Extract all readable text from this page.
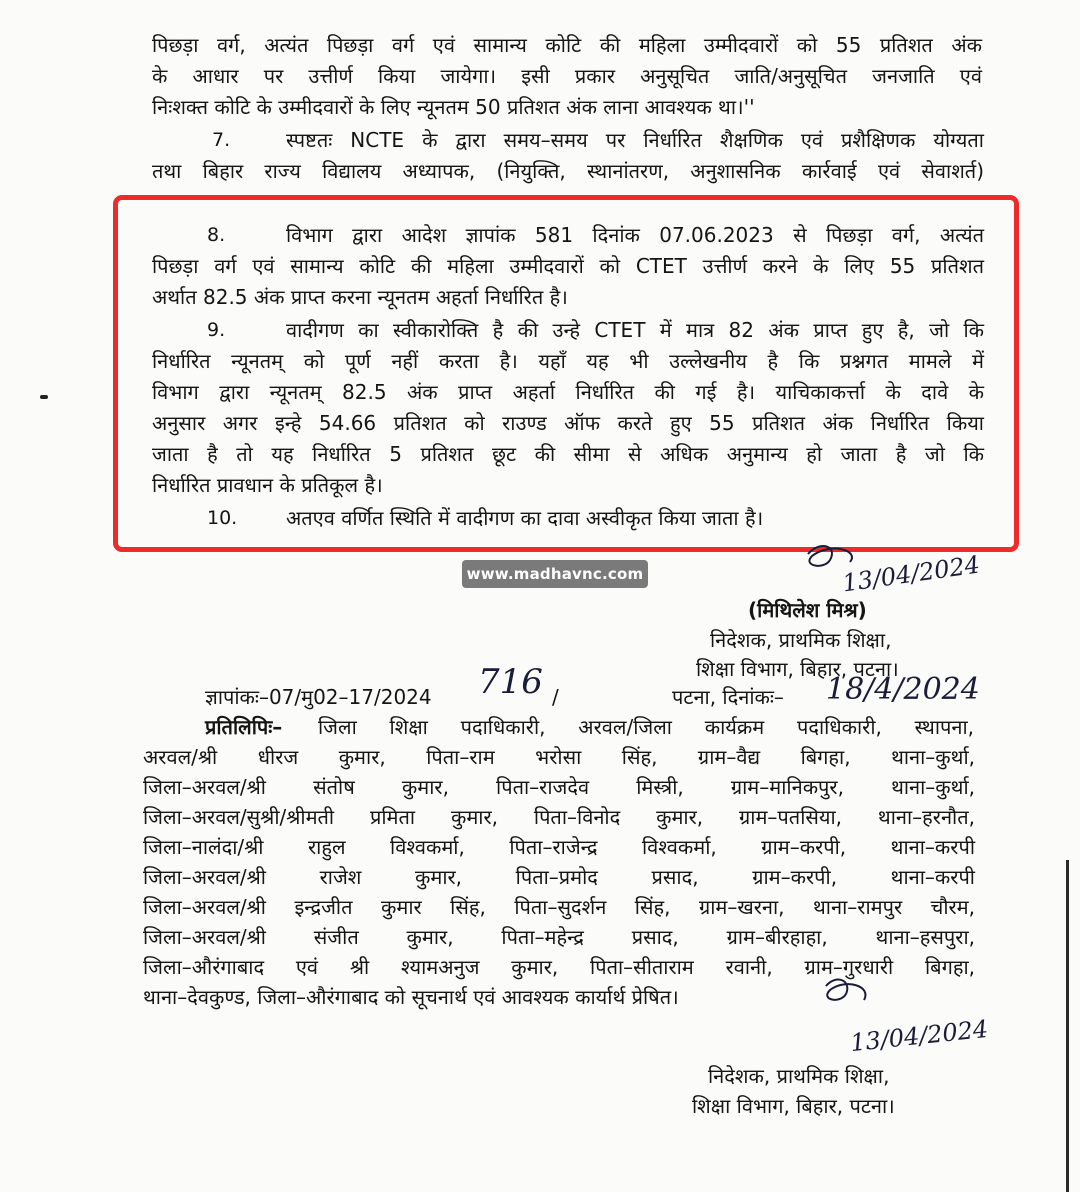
पिछड़ा वर्ग, अत्यंत पिछड़ा वर्ग एवं सामान्य कोटि की महिला उम्मीदवारों को 55 प्रतिशत अंक
के आधार पर उत्तीर्ण किया जायेगा। इसी प्रकार अनुसूचित जाति/अनुसूचित जनजाति एवं
निःशक्त कोटि के उम्मीदवारों के लिए न्यूनतम 50 प्रतिशत अंक लाना आवश्यक था।''
7.	स्पष्टतः NCTE के द्वारा समय–समय पर निर्धारित शैक्षणिक एवं प्रशैक्षिणक योग्यता
तथा बिहार राज्य विद्यालय अध्यापक, (नियुक्ति, स्थानांतरण, अनुशासनिक कार्रवाई एवं सेवाशर्त)
8.	विभाग द्वारा आदेश ज्ञापांक 581 दिनांक 07.06.2023 से पिछड़ा वर्ग, अत्यंत
पिछड़ा वर्ग एवं सामान्य कोटि की महिला उम्मीदवारों को CTET उत्तीर्ण करने के लिए 55 प्रतिशत
अर्थात 82.5 अंक प्राप्त करना न्यूनतम अहर्ता निर्धारित है।
9.	वादीगण का स्वीकारोक्ति है की उन्हे CTET में मात्र 82 अंक प्राप्त हुए है, जो कि
निर्धारित न्यूनतम् को पूर्ण नहीं करता है। यहाँ यह भी उल्लेखनीय है कि प्रश्नगत मामले में
विभाग द्वारा न्यूनतम् 82.5 अंक प्राप्त अहर्ता निर्धारित की गई है। याचिकाकर्त्ता के दावे के
अनुसार अगर इन्हे 54.66 प्रतिशत को राउण्ड ऑफ करते हुए 55 प्रतिशत अंक निर्धारित किया
जाता है तो यह निर्धारित 5 प्रतिशत छूट की सीमा से अधिक अनुमान्य हो जाता है जो कि
निर्धारित प्रावधान के प्रतिकूल है।
10. अतएव वर्णित स्थिति में वादीगण का दावा अस्वीकृत किया जाता है।
www.madhavnc.com	13/04/2024
(मिथिलेश मिश्र)
निदेशक, प्राथमिक शिक्षा,
शिक्षा विभाग, बिहार, पटना।
ज्ञापांकः–07/मु02–17/2024 716 /	पटना, दिनांकः– 18/4/2024
प्रतिलिपिः– जिला शिक्षा पदाधिकारी, अरवल/जिला कार्यक्रम पदाधिकारी, स्थापना,
अरवल/श्री धीरज कुमार, पिता–राम भरोसा सिंह, ग्राम–वैद्य बिगहा, थाना–कुर्था,
जिला–अरवल/श्री संतोष कुमार, पिता–राजदेव मिस्त्री, ग्राम–मानिकपुर, थाना–कुर्था,
जिला–अरवल/सुश्री/श्रीमती प्रमिता कुमार, पिता–विनोद कुमार, ग्राम–पतसिया, थाना–हरनौत,
जिला–नालंदा/श्री राहुल विश्वकर्मा, पिता–राजेन्द्र विश्वकर्मा, ग्राम–करपी, थाना–करपी
जिला–अरवल/श्री राजेश कुमार, पिता–प्रमोद प्रसाद, ग्राम–करपी, थाना–करपी
जिला–अरवल/श्री इन्द्रजीत कुमार सिंह, पिता–सुदर्शन सिंह, ग्राम–खरना, थाना–रामपुर चौरम,
जिला–अरवल/श्री संजीत कुमार, पिता–महेन्द्र प्रसाद, ग्राम–बीरहाहा, थाना–हसपुरा,
जिला–औरंगाबाद एवं श्री श्यामअनुज कुमार, पिता–सीताराम रवानी, ग्राम–गुरधारी बिगहा,
थाना–देवकुण्ड, जिला–औरंगाबाद को सूचनार्थ एवं आवश्यक कार्यार्थ प्रेषित।
13/04/2024
निदेशक, प्राथमिक शिक्षा,
शिक्षा विभाग, बिहार, पटना।
